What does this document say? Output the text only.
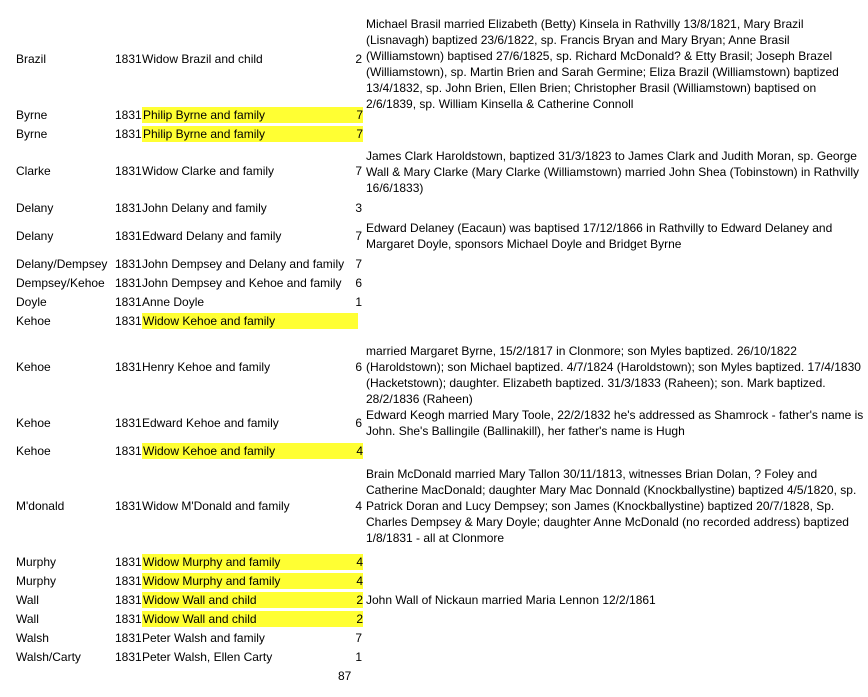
Brazil	1831 Widow Brazil and child	2
Michael Brasil married Elizabeth (Betty) Kinsela in Rathvilly 13/8/1821, Mary Brazil (Lisnavagh) baptized 23/6/1822, sp. Francis Bryan and Mary Bryan; Anne Brasil (Williamstown) baptised 27/6/1825, sp. Richard McDonald? & Etty Brasil; Joseph Brazel (Williamstown), sp. Martin Brien and Sarah Germine; Eliza Brazil (Williamstown) baptized 13/4/1832, sp. John Brien, Ellen Brien; Christopher Brasil (Williamstown) baptised on 2/6/1839, sp. William Kinsella & Catherine Connoll
Byrne	1831 Philip Byrne and family	7
Byrne	1831 Philip Byrne and family	7
Clarke	1831 Widow Clarke and family	7
James Clark Haroldstown, baptized 31/3/1823 to James Clark and Judith Moran, sp. George Wall & Mary Clarke (Mary Clarke (Williamstown) married John Shea (Tobinstown) in Rathvilly 16/6/1833)
Delany	1831 John Delany and family	3
Delany	1831 Edward Delany and family	7
Edward Delaney (Eacaun) was baptised 17/12/1866 in Rathvilly to Edward Delaney and Margaret Doyle, sponsors Michael Doyle and Bridget Byrne
Delany/Dempsey 1831 John Dempsey and Delany and family 7
Dempsey/Kehoe 1831 John Dempsey and Kehoe and family	6
Doyle	1831 Anne Doyle	1
Kehoe	1831 Widow Kehoe and family
Kehoe	1831 Henry Kehoe and family	6
married Margaret Byrne, 15/2/1817 in Clonmore; son Myles baptized. 26/10/1822 (Haroldstown); son Michael baptized. 4/7/1824 (Haroldstown); son Myles baptized. 17/4/1830 (Hacketstown); daughter. Elizabeth baptized. 31/3/1833 (Raheen); son. Mark baptized. 28/2/1836 (Raheen)
Kehoe	1831 Edward Kehoe and family	6
Edward Keogh married Mary Toole, 22/2/1832 he's addressed as Shamrock - father's name is John. She's Ballingile (Ballinakill), her father's name is Hugh
Kehoe	1831 Widow Kehoe and family	4
M'donald	1831 Widow M'Donald and family	4
Brain McDonald married Mary Tallon 30/11/1813, witnesses Brian Dolan, ? Foley and Catherine MacDonald; daughter Mary Mac Donnald (Knockballystine) baptized 4/5/1820, sp. Patrick Doran and Lucy Dempsey; son James (Knockballystine) baptized 20/7/1828, Sp. Charles Dempsey & Mary Doyle; daughter Anne McDonald (no recorded address) baptized 1/8/1831 - all at Clonmore
Murphy	1831 Widow Murphy and family	4
Murphy	1831 Widow Murphy and family	4
Wall	1831 Widow Wall and child	2 John Wall of Nickaun married Maria Lennon 12/2/1861
Wall	1831 Widow Wall and child	2
Walsh	1831 Peter Walsh and family	7
Walsh/Carty	1831 Peter Walsh, Ellen Carty	1
87
